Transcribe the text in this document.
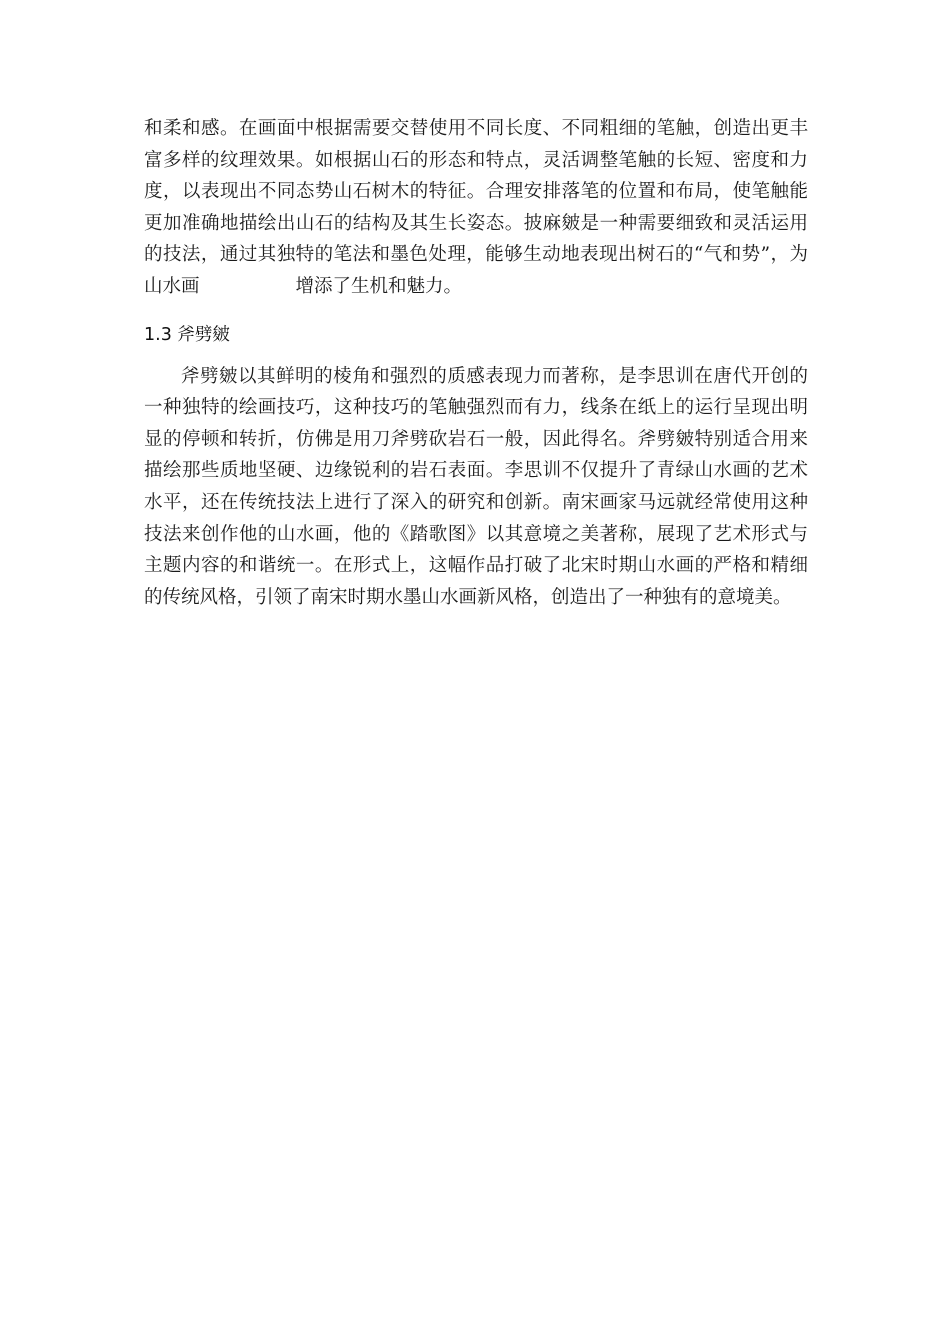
和柔和感。在画面中根据需要交替使用不同长度、不同粗细的笔触，创造出更丰富多样的纹理效果。如根据山石的形态和特点，灵活调整笔触的长短、密度和力度，以表现出不同态势山石树木的特征。合理安排落笔的位置和布局，使笔触能更加准确地描绘出山石的结构及其生长姿态。披麻皴是一种需要细致和灵活运用的技法，通过其独特的笔法和墨色处理，能够生动地表现出树石的“气和势”，为山水画	增添了生机和魅力。

1.3 斧劈皴

斧劈皴以其鲜明的棱角和强烈的质感表现力而著称，是李思训在唐代开创的一种独特的绘画技巧，这种技巧的笔触强烈而有力，线条在纸上的运行呈现出明显的停顿和转折，仿佛是用刀斧劈砍岩石一般，因此得名。斧劈皴特别适合用来描绘那些质地坚硬、边缘锐利的岩石表面。李思训不仅提升了青绿山水画的艺术水平，还在传统技法上进行了深入的研究和创新。南宋画家马远就经常使用这种技法来创作他的山水画，他的《踏歌图》以其意境之美著称，展现了艺术形式与主题内容的和谐统一。在形式上，这幅作品打破了北宋时期山水画的严格和精细的传统风格，引领了南宋时期水墨山水画新风格，创造出了一种独有的意境美。
